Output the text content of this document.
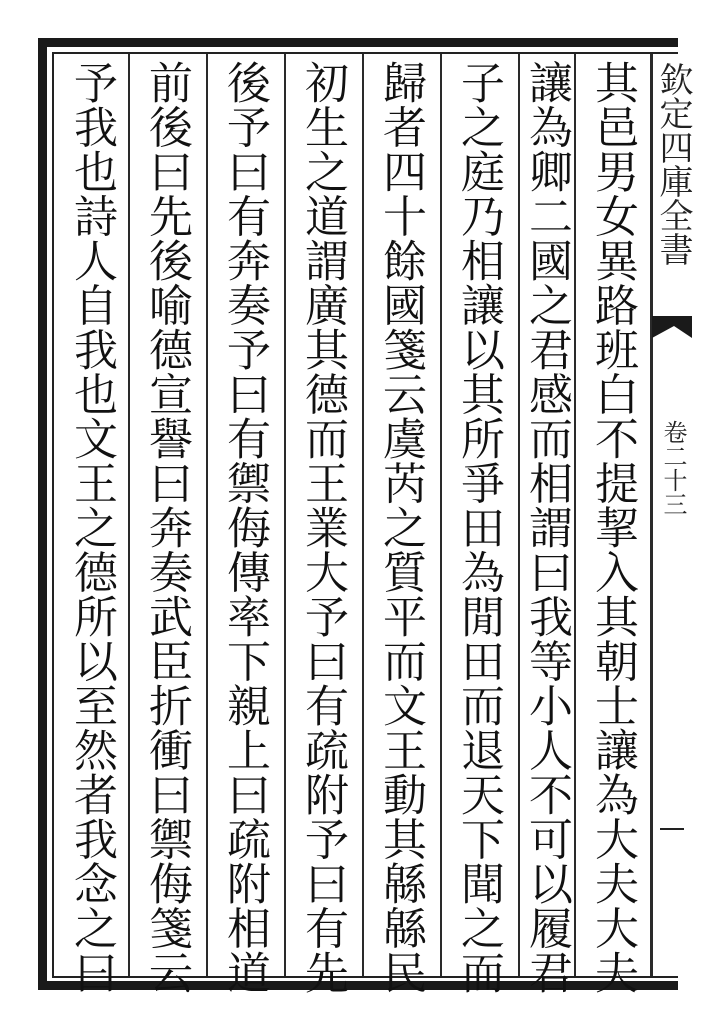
其邑男女異路班白不提挈入其朝士讓為大夫大夫
讓為卿二國之君感而相謂曰我等小人不可以履君
子之庭乃相讓以其所爭田為閒田而退天下聞之而
歸者四十餘國箋云虞芮之質平而文王動其緜緜民
初生之道謂廣其德而王業大予曰有疏附予曰有先
後予曰有奔奏予曰有禦侮傳率下親上曰疏附相道
前後曰先後喻德宣譽曰奔奏武臣折衝曰禦侮箋云
予我也詩人自我也文王之德所以至然者我念之曰	欽定四庫全書
卷二十三
